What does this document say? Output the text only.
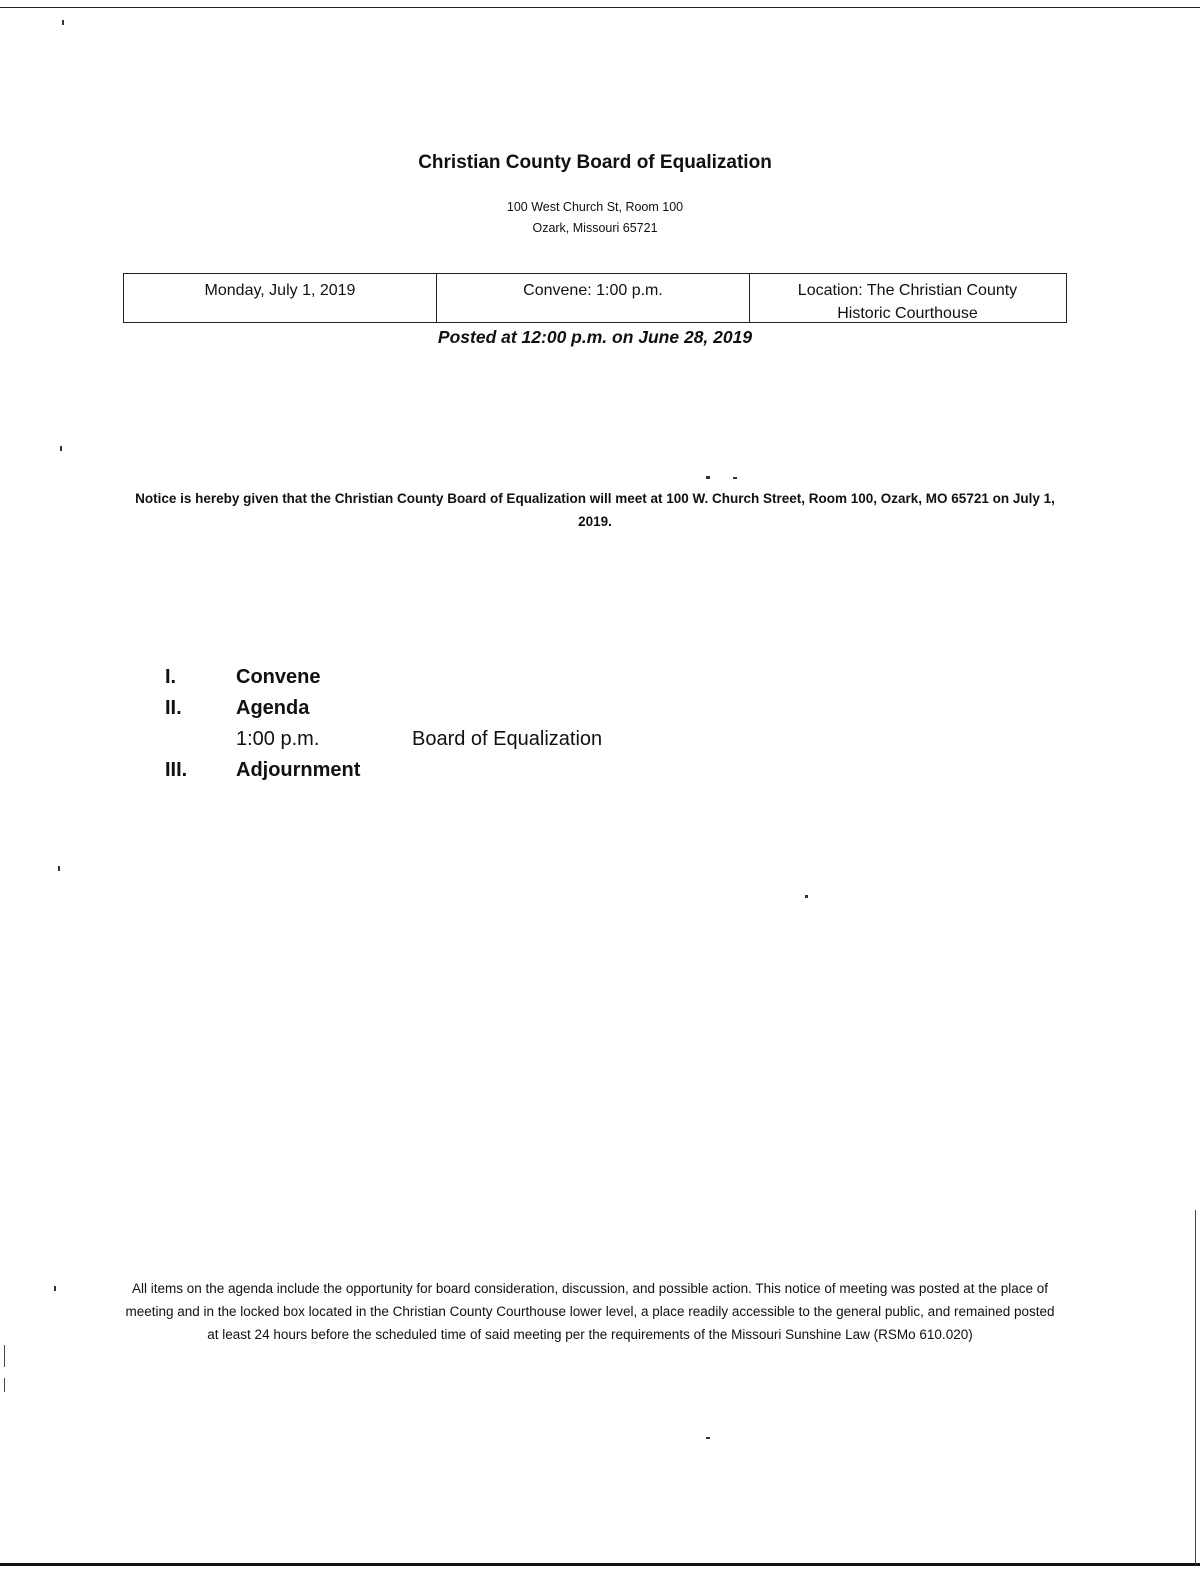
Christian County Board of Equalization
100 West Church St, Room 100
Ozark, Missouri 65721
Monday, July 1, 2019	Convene: 1:00 p.m.	Location: The Christian County
Historic Courthouse
Posted at 12:00 p.m. on June 28, 2019
Notice is hereby given that the Christian County Board of Equalization will meet at 100 W. Church Street, Room 100, Ozark, MO 65721 on July 1, 2019.
I.	Convene
II.	Agenda
1:00 p.m.	Board of Equalization
III. Adjournment
All items on the agenda include the opportunity for board consideration, discussion, and possible action. This notice of meeting was posted at the place of meeting and in the locked box located in the Christian County Courthouse lower level, a place readily accessible to the general public, and remained posted at least 24 hours before the scheduled time of said meeting per the requirements of the Missouri Sunshine Law (RSMo 610.020)
